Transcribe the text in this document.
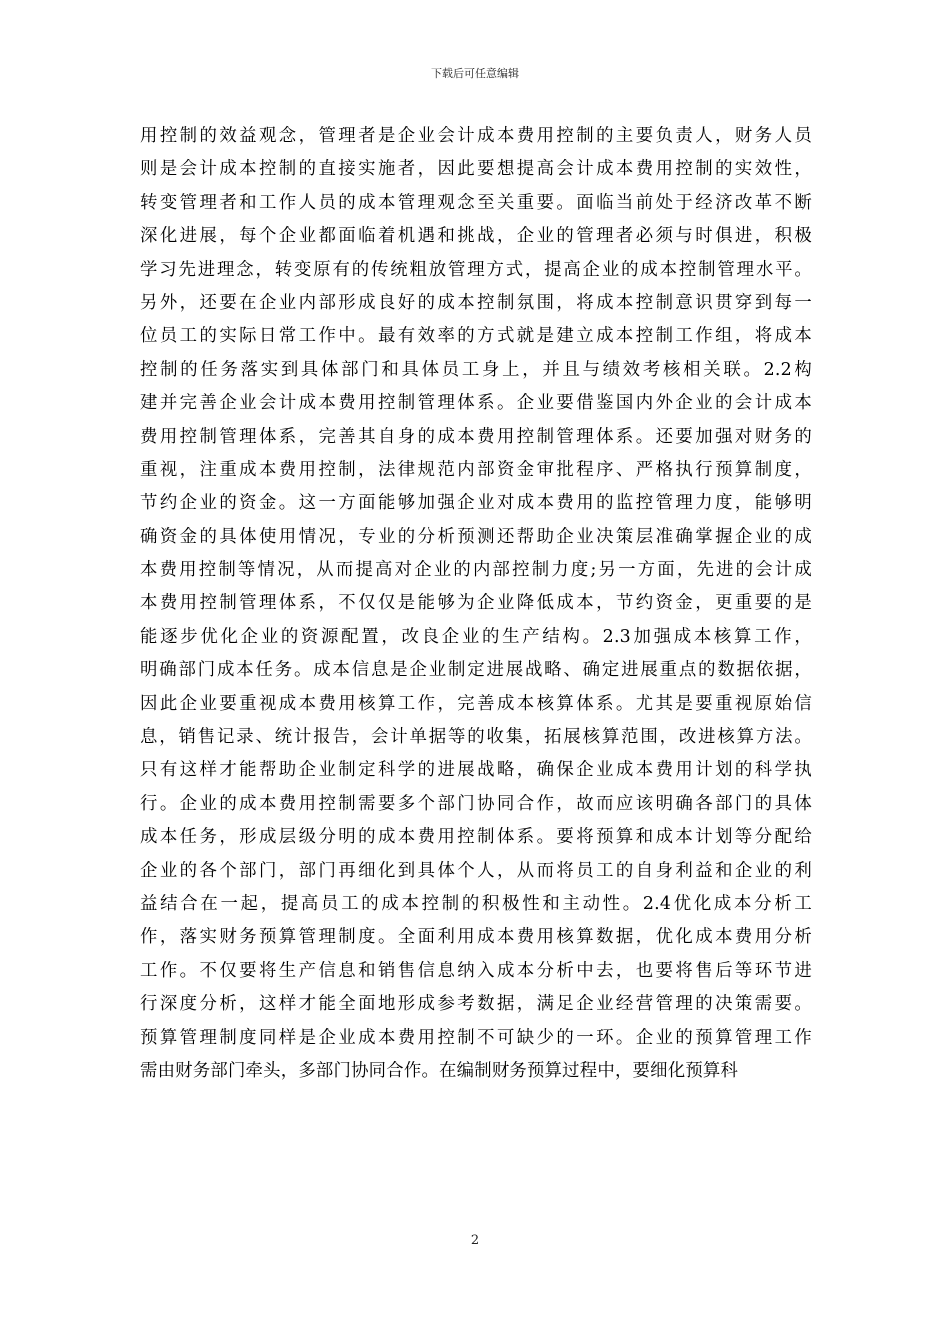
下载后可任意编辑
用控制的效益观念，管理者是企业会计成本费用控制的主要负责人，财务人员
则是会计成本控制的直接实施者，因此要想提高会计成本费用控制的实效性，
转变管理者和工作人员的成本管理观念至关重要。面临当前处于经济改革不断
深化进展，每个企业都面临着机遇和挑战，企业的管理者必须与时俱进，积极
学习先进理念，转变原有的传统粗放管理方式，提高企业的成本控制管理水平。
另外，还要在企业内部形成良好的成本控制氛围，将成本控制意识贯穿到每一
位员工的实际日常工作中。最有效率的方式就是建立成本控制工作组，将成本
控制的任务落实到具体部门和具体员工身上，并且与绩效考核相关联。2.2构
建并完善企业会计成本费用控制管理体系。企业要借鉴国内外企业的会计成本
费用控制管理体系，完善其自身的成本费用控制管理体系。还要加强对财务的
重视，注重成本费用控制，法律规范内部资金审批程序、严格执行预算制度，
节约企业的资金。这一方面能够加强企业对成本费用的监控管理力度，能够明
确资金的具体使用情况，专业的分析预测还帮助企业决策层准确掌握企业的成
本费用控制等情况，从而提高对企业的内部控制力度;另一方面，先进的会计成
本费用控制管理体系，不仅仅是能够为企业降低成本，节约资金，更重要的是
能逐步优化企业的资源配置，改良企业的生产结构。2.3加强成本核算工作，
明确部门成本任务。成本信息是企业制定进展战略、确定进展重点的数据依据，
因此企业要重视成本费用核算工作，完善成本核算体系。尤其是要重视原始信
息，销售记录、统计报告，会计单据等的收集，拓展核算范围，改进核算方法。
只有这样才能帮助企业制定科学的进展战略，确保企业成本费用计划的科学执
行。企业的成本费用控制需要多个部门协同合作，故而应该明确各部门的具体
成本任务，形成层级分明的成本费用控制体系。要将预算和成本计划等分配给
企业的各个部门，部门再细化到具体个人，从而将员工的自身利益和企业的利
益结合在一起，提高员工的成本控制的积极性和主动性。2.4优化成本分析工
作，落实财务预算管理制度。全面利用成本费用核算数据，优化成本费用分析
工作。不仅要将生产信息和销售信息纳入成本分析中去，也要将售后等环节进
行深度分析，这样才能全面地形成参考数据，满足企业经营管理的决策需要。
预算管理制度同样是企业成本费用控制不可缺少的一环。企业的预算管理工作
需由财务部门牵头，多部门协同合作。在编制财务预算过程中，要细化预算科
2
